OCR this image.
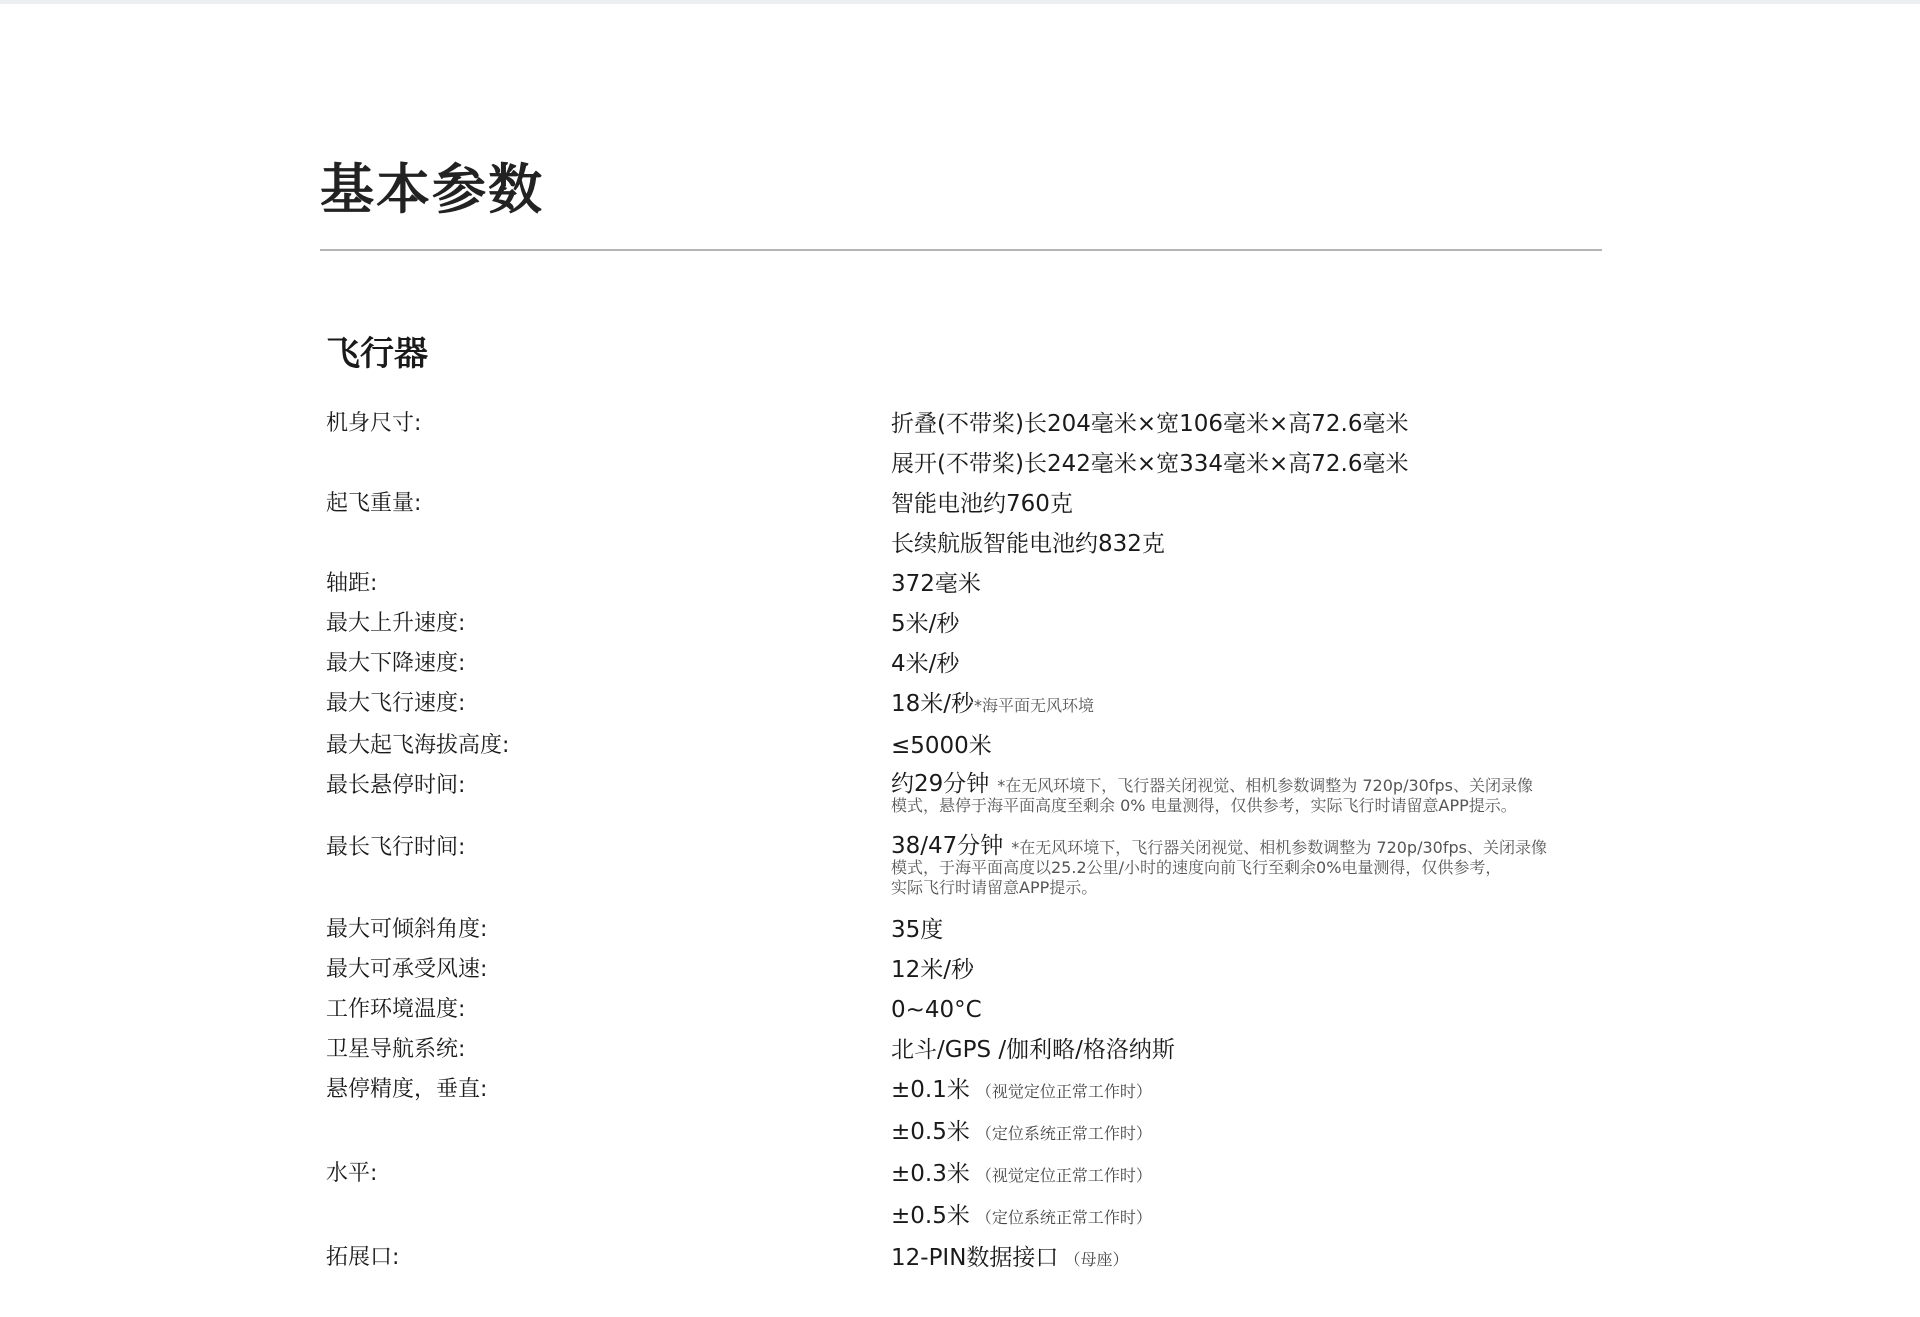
基本参数
飞行器
机身尺寸:	折叠(不带桨)长204毫米×宽106毫米×高72.6毫米
展开(不带桨)长242毫米×宽334毫米×高72.6毫米
起飞重量:	智能电池约760克
长续航版智能电池约832克
轴距:	372毫米
最大上升速度:	5米/秒
最大下降速度:	4米/秒
最大飞行速度:	18米/秒*海平面无风环境
最大起飞海拔高度:	≤5000米
最长悬停时间:	约29分钟 *在无风环境下，飞行器关闭视觉、相机参数调整为 720p/30fps、关闭录像
模式，悬停于海平面高度至剩余 0% 电量测得，仅供参考，实际飞行时请留意APP提示。
最长飞行时间:	38/47分钟 *在无风环境下，飞行器关闭视觉、相机参数调整为 720p/30fps、关闭录像
模式，于海平面高度以25.2公里/小时的速度向前飞行至剩余0%电量测得，仅供参考，
实际飞行时请留意APP提示。
最大可倾斜角度:	35度
最大可承受风速:	12米/秒
工作环境温度:	0~40°C
卫星导航系统:	北斗/GPS /伽利略/格洛纳斯
悬停精度，垂直:	±0.1米 （视觉定位正常工作时）
±0.5米 （定位系统正常工作时）
水平:	±0.3米 （视觉定位正常工作时）
±0.5米 （定位系统正常工作时）
拓展口:	12-PIN数据接口 （母座）
